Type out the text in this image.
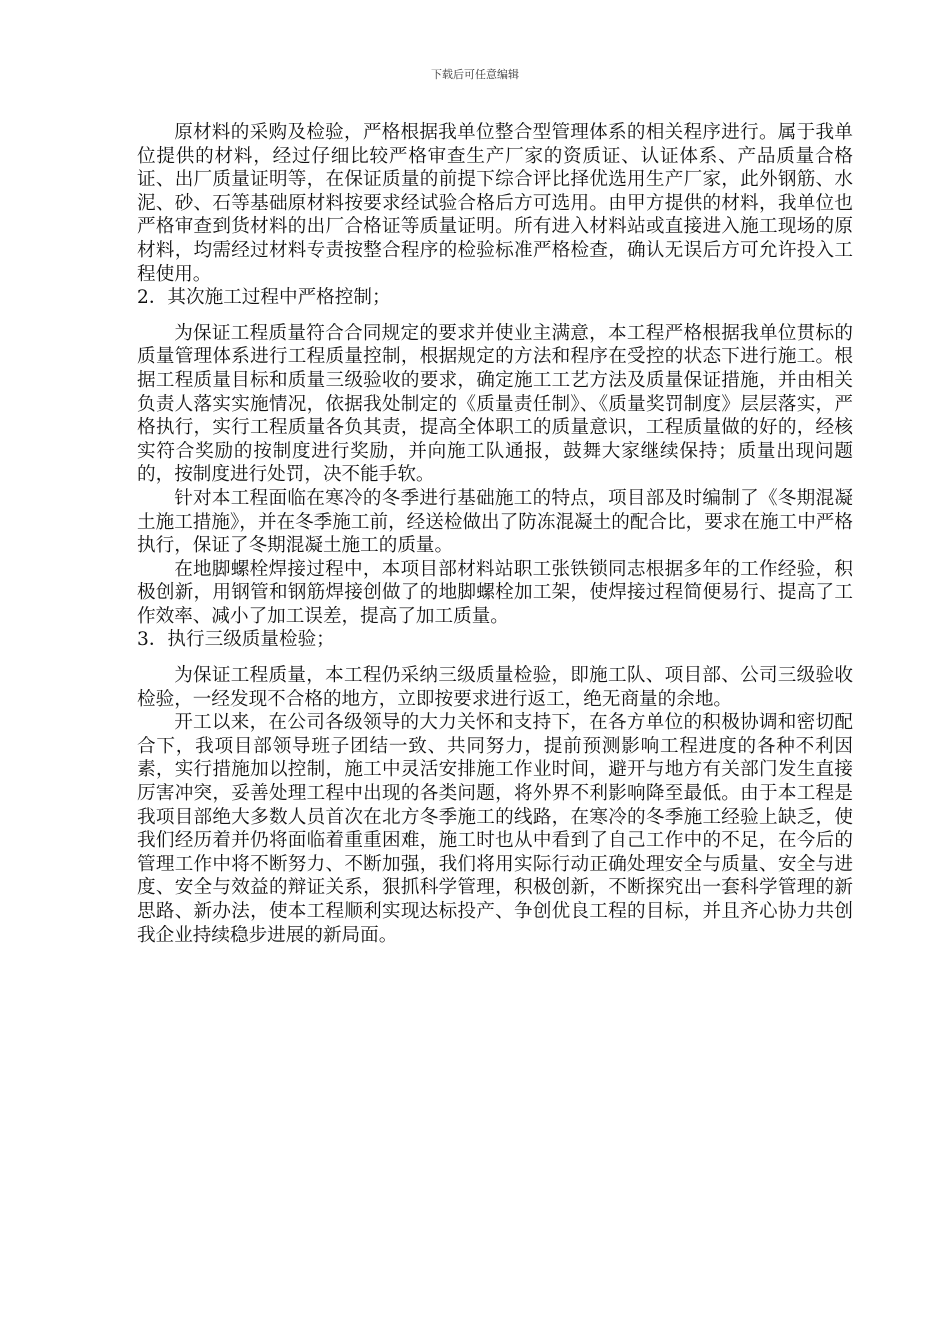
下载后可任意编辑

原材料的采购及检验，严格根据我单位整合型管理体系的相关程序进行。属于我单位提供的材料，经过仔细比较严格审查生产厂家的资质证、认证体系、产品质量合格证、出厂质量证明等，在保证质量的前提下综合评比择优选用生产厂家，此外钢筋、水泥、砂、石等基础原材料按要求经试验合格后方可选用。由甲方提供的材料，我单位也严格审查到货材料的出厂合格证等质量证明。所有进入材料站或直接进入施工现场的原材料，均需经过材料专责按整合程序的检验标准严格检查，确认无误后方可允许投入工程使用。

2．其次施工过程中严格控制；

为保证工程质量符合合同规定的要求并使业主满意，本工程严格根据我单位贯标的质量管理体系进行工程质量控制，根据规定的方法和程序在受控的状态下进行施工。根据工程质量目标和质量三级验收的要求，确定施工工艺方法及质量保证措施，并由相关负责人落实实施情况，依据我处制定的《质量责任制》、《质量奖罚制度》层层落实，严格执行，实行工程质量各负其责，提高全体职工的质量意识，工程质量做的好的，经核实符合奖励的按制度进行奖励，并向施工队通报，鼓舞大家继续保持；质量出现问题的，按制度进行处罚，决不能手软。

针对本工程面临在寒冷的冬季进行基础施工的特点，项目部及时编制了《冬期混凝土施工措施》，并在冬季施工前，经送检做出了防冻混凝土的配合比，要求在施工中严格执行，保证了冬期混凝土施工的质量。

在地脚螺栓焊接过程中，本项目部材料站职工张铁锁同志根据多年的工作经验，积极创新，用钢管和钢筋焊接创做了的地脚螺栓加工架，使焊接过程简便易行、提高了工作效率、减小了加工误差，提高了加工质量。

3．执行三级质量检验；

为保证工程质量，本工程仍采纳三级质量检验，即施工队、项目部、公司三级验收检验，一经发现不合格的地方，立即按要求进行返工，绝无商量的余地。

开工以来，在公司各级领导的大力关怀和支持下，在各方单位的积极协调和密切配合下，我项目部领导班子团结一致、共同努力，提前预测影响工程进度的各种不利因素，实行措施加以控制，施工中灵活安排施工作业时间，避开与地方有关部门发生直接厉害冲突，妥善处理工程中出现的各类问题，将外界不利影响降至最低。由于本工程是我项目部绝大多数人员首次在北方冬季施工的线路，在寒冷的冬季施工经验上缺乏，使我们经历着并仍将面临着重重困难，施工时也从中看到了自己工作中的不足，在今后的管理工作中将不断努力、不断加强，我们将用实际行动正确处理安全与质量、安全与进度、安全与效益的辩证关系，狠抓科学管理，积极创新，不断探究出一套科学管理的新思路、新办法，使本工程顺利实现达标投产、争创优良工程的目标，并且齐心协力共创我企业持续稳步进展的新局面。
